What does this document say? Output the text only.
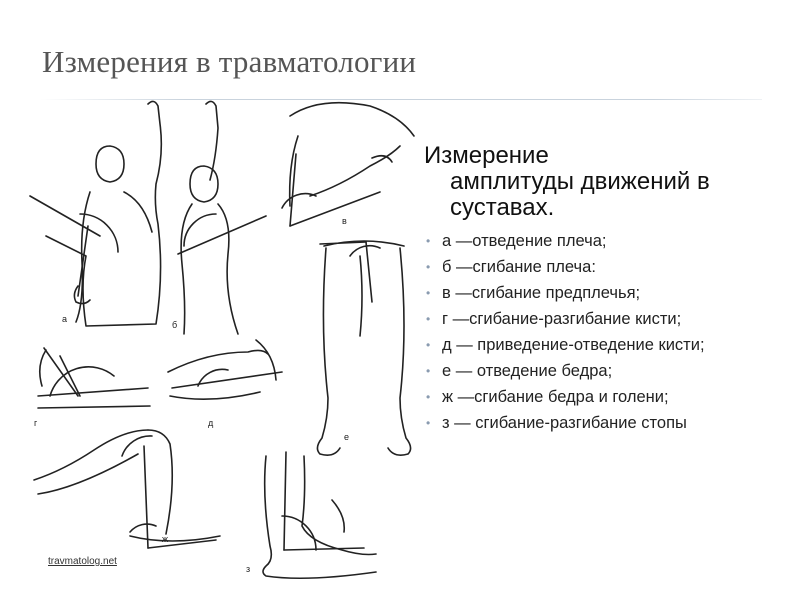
Измерения в травматологии
а
б
в
г	д
е
ж
з
travmatolog.net
Измерение
амплитуды движений в суставах.
• а —отведение плеча;
• б —сгибание плеча:
• в —сгибание предплечья;
• г —сгибание-разгибание кисти;
• д — приведение-отведение кисти;
• е — отведение бедра;
• ж —сгибание бедра и голени;
• з — сгибание-разгибание стопы
